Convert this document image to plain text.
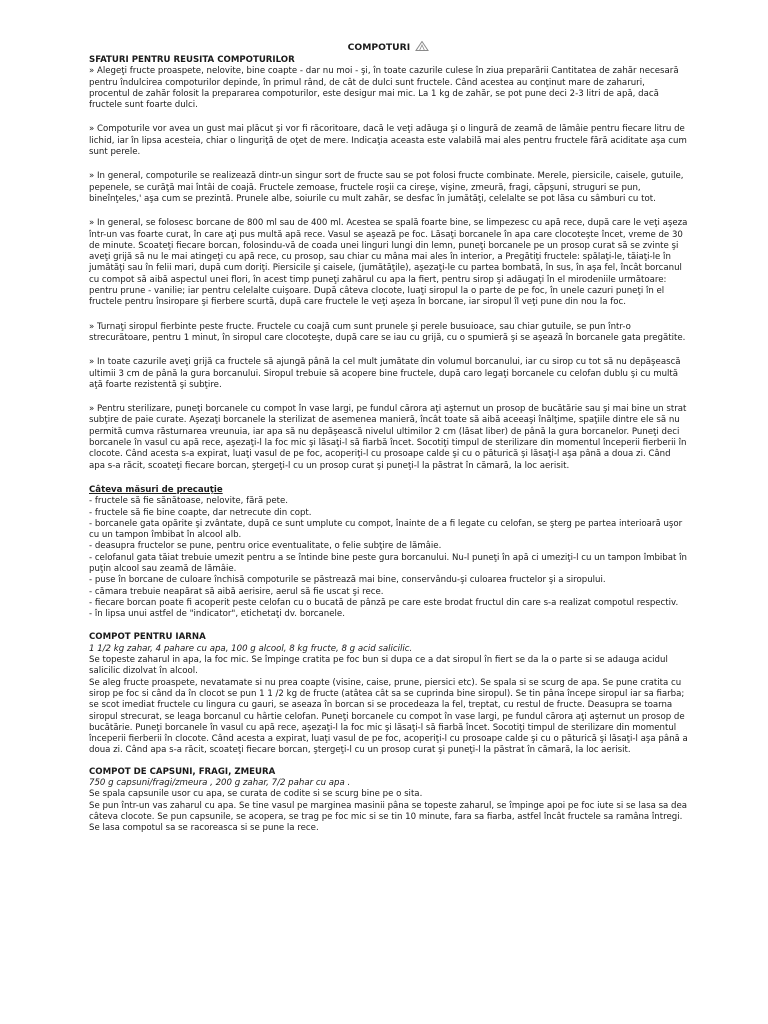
COMPOTURI
SFATURI PENTRU REUSITA COMPOTURILOR

» Alegeţi fructe proaspete, nelovite, bine coapte - dar nu moi - şi, în toate cazurile culese în ziua preparării Cantitatea de zahăr necesară pentru îndulcirea compoturilor depinde, în primul rând, de cât de dulci sunt fructele. Când acestea au conţinut mare de zaharuri, procentul de zahăr folosit la prepararea compoturilor, este desigur mai mic. La 1 kg de zahăr, se pot pune deci 2-3 litri de apă, dacă fructele sunt foarte dulci.

» Compoturile vor avea un gust mai plăcut şi vor fi răcoritoare, dacă le veţi adăuga şi o lingură de zeamă de lămâie pentru fiecare litru de lichid, iar în lipsa acesteia, chiar o linguriţă de oţet de mere. Indicaţia aceasta este valabilă mai ales pentru fructele fără aciditate aşa cum sunt perele.

» In general, compoturile se realizează dintr-un singur sort de fructe sau se pot folosi fructe combinate. Merele, piersicile, caisele, gutuile, pepenele, se curăţă mai întâi de coajă. Fructele zemoase, fructele roşii ca cireşe, vişine, zmeură, fragi, căpşuni, struguri se pun, bineînţeles,' aşa cum se prezintă. Prunele albe, soiurile cu mult zahăr, se desfac în jumătăţi, celelalte se pot lăsa cu sâmburi cu tot.

» In general, se folosesc borcane de 800 ml sau de 400 ml. Acestea se spală foarte bine, se limpezesc cu apă rece, după care le veţi aşeza într-un vas foarte curat, în care aţi pus multă apă rece. Vasul se aşează pe foc. Lăsaţi borcanele în apa care clocoteşte încet, vreme de 30 de minute. Scoateţi fiecare borcan, folosindu-vă de coada unei linguri lungi din lemn, puneţi borcanele pe un prosop curat să se zvinte şi aveţi grijă să nu le mai atingeţi cu apă rece, cu prosop, sau chiar cu mâna mai ales în interior, a Pregătiţi fructele: spălaţi-le, tăiaţi-le în jumătăţi sau în felii mari, după cum doriţi. Piersicile şi caisele, (jumătăţile), aşezaţi-le cu partea bombată, în sus, în aşa fel, încât borcanul cu compot să aibă aspectul unei flori, în acest timp puneţi zahărul cu apa la fiert, pentru sirop şi adăugaţi în el mirodeniile următoare: pentru prune - vanilie; iar pentru celelalte cuişoare. După câteva clocote, luaţi siropul la o parte de pe foc, în unele cazuri puneţi în el fructele pentru însiropare şi fierbere scurtă, după care fructele le veţi aşeza în borcane, iar siropul îl veţi pune din nou la foc.

» Turnaţi siropul fierbinte peste fructe. Fructele cu coajă cum sunt prunele şi perele busuioace, sau chiar gutuile, se pun într-o strecurătoare, pentru 1 minut, în siropul care clocoteşte, după care se iau cu grijă, cu o spumieră şi se aşează în borcanele gata pregătite.

» In toate cazurile aveţi grijă ca fructele să ajungă până la cel mult jumătate din volumul borcanului, iar cu sirop cu tot să nu depăşească ultimii 3 cm de până la gura borcanului. Siropul trebuie să acopere bine fructele, după caro legaţi borcanele cu celofan dublu şi cu multă aţă foarte rezistentă şi subţire.

» Pentru sterilizare, puneţi borcanele cu compot în vase largi, pe fundul cărora aţi aşternut un prosop de bucătărie sau şi mai bine un strat subţire de paie curate. Aşezaţi borcanele la sterilizat de asemenea manieră, încât toate să aibă aceeaşi înălţime, spaţiile dintre ele să nu permită cumva răsturnarea vreunuia, iar apa să nu depăşească nivelul ultimilor 2 cm (lăsat liber) de până la gura borcanelor. Puneţi deci borcanele în vasul cu apă rece, aşezaţi-l la foc mic şi lăsaţi-l să fiarbă încet. Socotiţi timpul de sterilizare din momentul începerii fierberii în clocote. Când acesta s-a expirat, luaţi vasul de pe foc, acoperiţi-l cu prosoape calde şi cu o păturică şi lăsaţi-l aşa până a doua zi. Când apa s-a răcit, scoateţi fiecare borcan, ştergeţi-l cu un prosop curat şi puneţi-l la păstrat în cămară, la loc aerisit.

Câteva măsuri de precauţie
- fructele să fie sănătoase, nelovite, fără pete.
- fructele să fie bine coapte, dar netrecute din copt.
- borcanele gata opărite şi zvântate, după ce sunt umplute cu compot, înainte de a fi legate cu celofan, se şterg pe partea interioară uşor cu un tampon îmbibat în alcool alb.
- deasupra fructelor se pune, pentru orice eventualitate, o felie subţire de lămâie.
- celofanul gata tăiat trebuie umezit pentru a se întinde bine peste gura borcanului. Nu-l puneţi în apă ci umeziţi-l cu un tampon îmbibat în puţin alcool sau zeamă de lămâie.
- puse în borcane de culoare închisă compoturile se păstrează mai bine, conservându-şi culoarea fructelor şi a siropului.
- cămara trebuie neapărat să aibă aerisire, aerul să fie uscat şi rece.
- fiecare borcan poate fi acoperit peste celofan cu o bucată de pânză pe care este brodat fructul din care s-a realizat compotul respectiv.
- în lipsa unui astfel de "indicator", etichetaţi dv. borcanele.
COMPOT PENTRU IARNA
1 1/2 kg zahar, 4 pahare cu apa, 100 g alcool, 8 kg fructe, 8 g acid salicilic.
Se topeste zaharul in apa, la foc mic. Se împinge cratita pe foc bun si dupa ce a dat siropul în fiert se da la o parte si se adauga acidul salicilic dizolvat în alcool.
Se aleg fructe proaspete, nevatamate si nu prea coapte (visine, caise, prune, piersici etc). Se spala si se scurg de apa. Se pune cratita cu sirop pe foc si când da în clocot se pun 1 1 /2 kg de fructe (atâtea cât sa se cuprinda bine siropul). Se tin pâna începe siropul iar sa fiarba; se scot imediat fructele cu lingura cu gauri, se aseaza în borcan si se procedeaza la fel, treptat, cu restul de fructe. Deasupra se toarna siropul strecurat, se leaga borcanul cu hârtie celofan. Puneţi borcanele cu compot în vase largi, pe fundul cărora aţi aşternut un prosop de bucătărie. Puneţi borcanele în vasul cu apă rece, aşezaţi-l la foc mic şi lăsaţi-l să fiarbă încet. Socotiţi timpul de sterilizare din momentul începerii fierberii în clocote. Când acesta a expirat, luaţi vasul de pe foc, acoperiţi-l cu prosoape calde şi cu o păturică şi lăsaţi-l aşa până a doua zi. Când apa s-a răcit, scoateţi fiecare borcan, ştergeţi-l cu un prosop curat şi puneţi-l la păstrat în cămară, la loc aerisit.
COMPOT DE CAPSUNI, FRAGI, ZMEURA
750 g capsuni/fragi/zmeura , 200 g zahar, 7/2 pahar cu apa .
Se spala capsunile usor cu apa, se curata de codite si se scurg bine pe o sita.
Se pun într-un vas zaharul cu apa. Se tine vasul pe marginea masinii pâna se topeste zaharul, se împinge apoi pe foc iute si se lasa sa dea câteva clocote. Se pun capsunile, se acopera, se trag pe foc mic si se tin 10 minute, fara sa fiarba, astfel încât fructele sa ramâna întregi. Se lasa compotul sa se racoreasca si se pune la rece.
